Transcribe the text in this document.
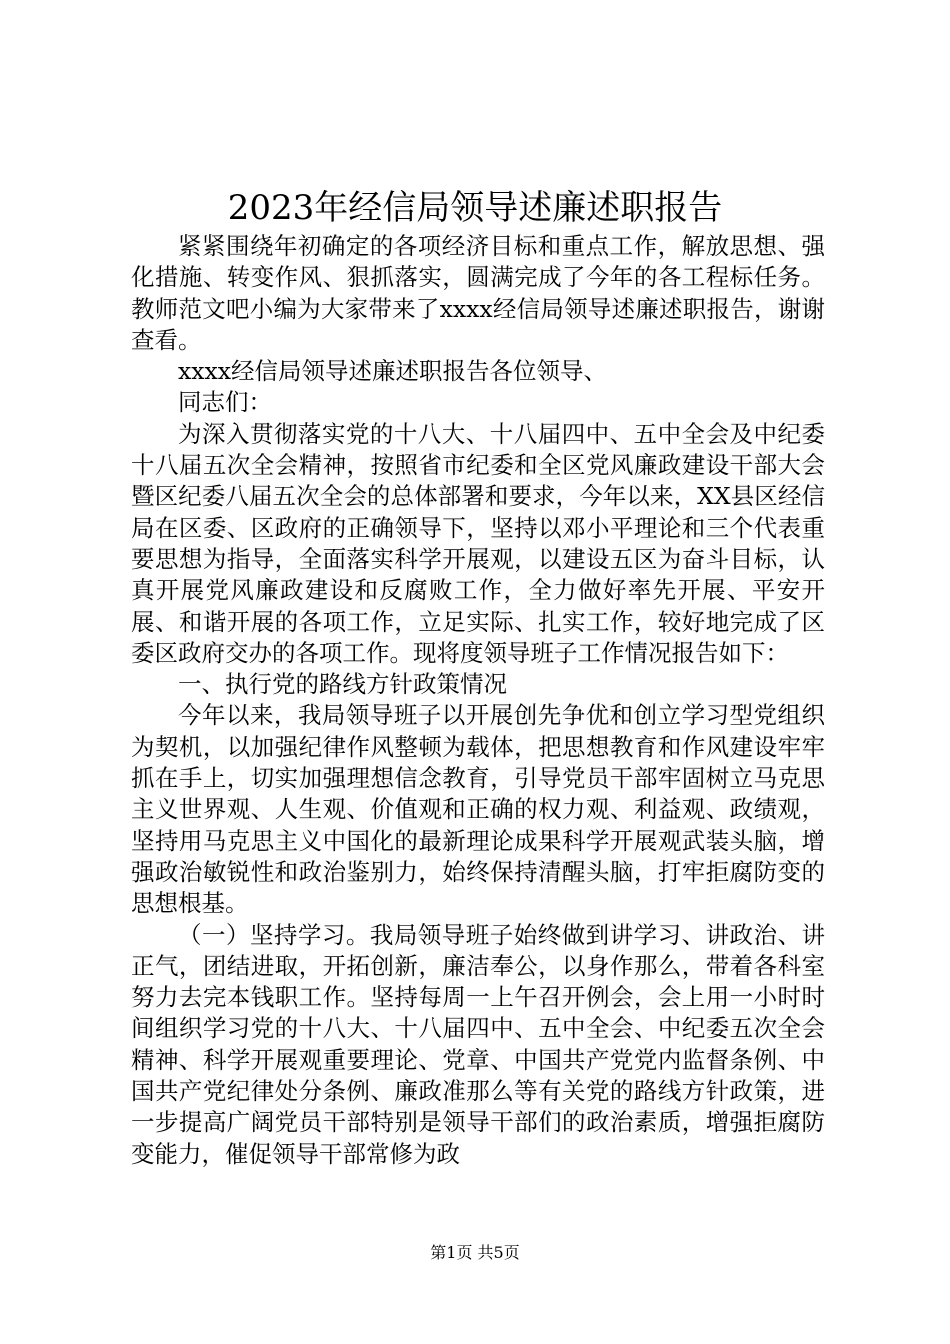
2023年经信局领导述廉述职报告

紧紧围绕年初确定的各项经济目标和重点工作，解放思想、强化措施、转变作风、狠抓落实，圆满完成了今年的各工程标任务。教师范文吧小编为大家带来了xxxx经信局领导述廉述职报告，谢谢查看。

xxxx经信局领导述廉述职报告各位领导、

同志们：

为深入贯彻落实党的十八大、十八届四中、五中全会及中纪委十八届五次全会精神，按照省市纪委和全区党风廉政建设干部大会暨区纪委八届五次全会的总体部署和要求，今年以来，XX县区经信局在区委、区政府的正确领导下，坚持以邓小平理论和三个代表重要思想为指导，全面落实科学开展观，以建设五区为奋斗目标，认真开展党风廉政建设和反腐败工作，全力做好率先开展、平安开展、和谐开展的各项工作，立足实际、扎实工作，较好地完成了区委区政府交办的各项工作。现将度领导班子工作情况报告如下：

一、执行党的路线方针政策情况

今年以来，我局领导班子以开展创先争优和创立学习型党组织为契机，以加强纪律作风整顿为载体，把思想教育和作风建设牢牢抓在手上，切实加强理想信念教育，引导党员干部牢固树立马克思主义世界观、人生观、价值观和正确的权力观、利益观、政绩观，坚持用马克思主义中国化的最新理论成果科学开展观武装头脑，增强政治敏锐性和政治鉴别力，始终保持清醒头脑，打牢拒腐防变的思想根基。

（一）坚持学习。我局领导班子始终做到讲学习、讲政治、讲正气，团结进取，开拓创新，廉洁奉公，以身作那么，带着各科室努力去完本钱职工作。坚持每周一上午召开例会，会上用一小时时间组织学习党的十八大、十八届四中、五中全会、中纪委五次全会精神、科学开展观重要理论、党章、中国共产党党内监督条例、中国共产党纪律处分条例、廉政准那么等有关党的路线方针政策，进一步提高广阔党员干部特别是领导干部们的政治素质，增强拒腐防变能力，催促领导干部常修为政

第1页 共5页
